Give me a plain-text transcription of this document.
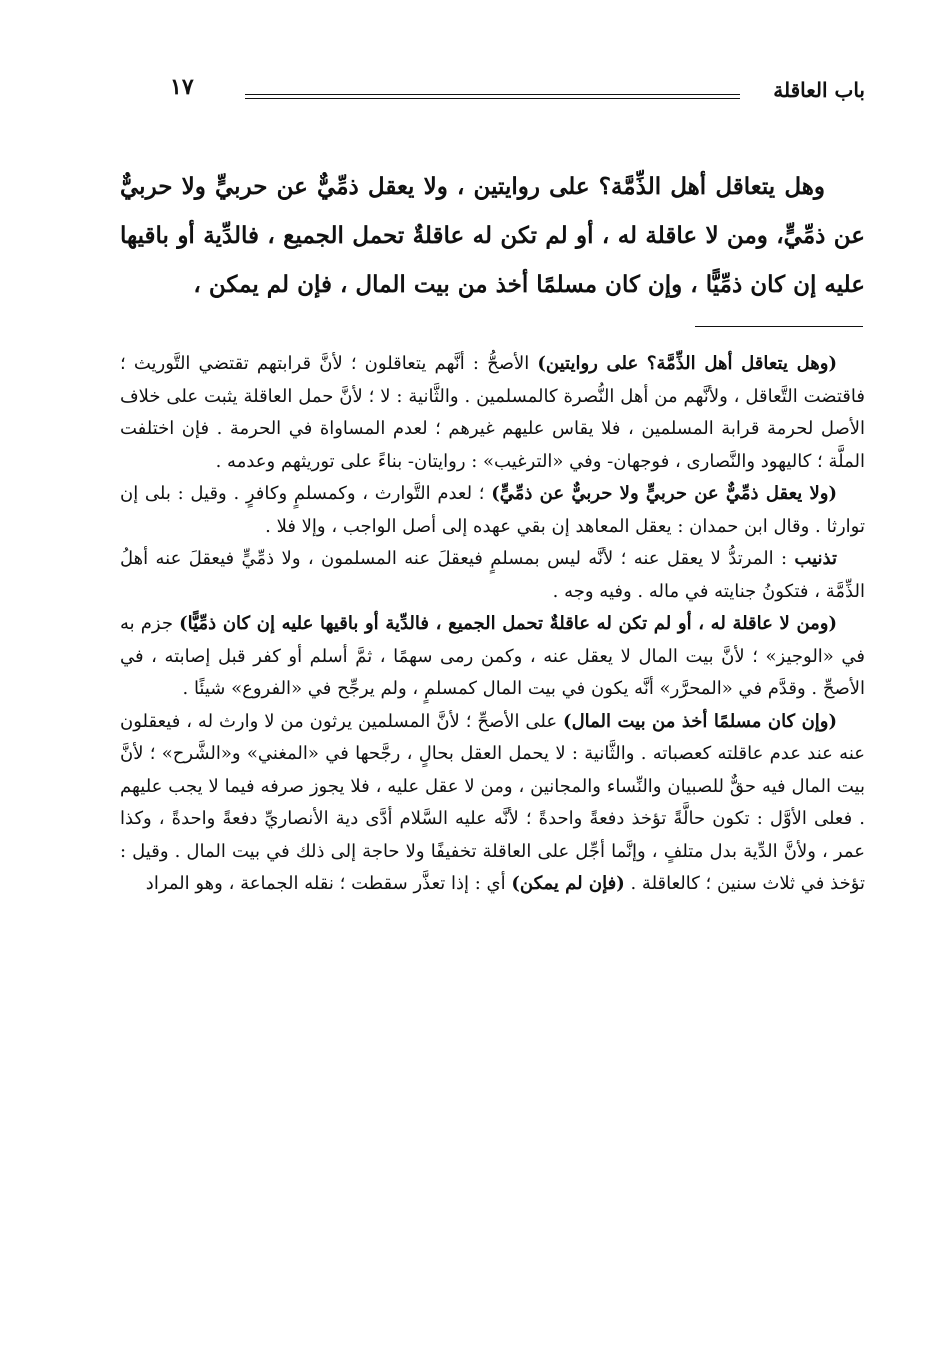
باب العاقلة
١٧

وهل يتعاقل أهل الذِّمَّة؟ على روايتين ، ولا يعقل ذمِّيٌّ عن حربيٍّ ولا حربيٌّ عن ذمِّيٍّ، ومن لا عاقلة له ، أو لم تكن له عاقلةٌ تحمل الجميع ، فالدِّية أو باقيها عليه إن كان ذمِّيًّا ، وإن كان مسلمًا أخذ من بيت المال ، فإن لم يمكن ،

(وهل يتعاقل أهل الذِّمَّة؟ على روايتين) الأصحُّ : أنَّهم يتعاقلون ؛ لأنَّ قرابتهم تقتضي التَّوريث ؛ فاقتضت التَّعاقل ، ولأنَّهم من أهل النُّصرة كالمسلمين . والثَّانية : لا ؛ لأنَّ حمل العاقلة يثبت على خلاف الأصل لحرمة قرابة المسلمين ، فلا يقاس عليهم غيرهم ؛ لعدم المساواة في الحرمة . فإن اختلفت الملَّة ؛ كاليهود والنَّصارى ، فوجهان- وفي «الترغيب» : روايتان- بناءً على توريثهم وعدمه .

(ولا يعقل ذمِّيٌّ عن حربيٍّ ولا حربيٌّ عن ذمِّيٍّ) ؛ لعدم التَّوارث ، وكمسلمٍ وكافرٍ . وقيل : بلى إن توارثا . وقال ابن حمدان : يعقل المعاهد إن بقي عهده إلى أصل الواجب ، وإلا فلا .

تذنيب : المرتدُّ لا يعقل عنه ؛ لأنَّه ليس بمسلمٍ فيعقلَ عنه المسلمون ، ولا ذمِّيٍّ فيعقلَ عنه أهلُ الذِّمَّة ، فتكونُ جنايته في ماله . وفيه وجه .

(ومن لا عاقلة له ، أو لم تكن له عاقلةٌ تحمل الجميع ، فالدِّية أو باقيها عليه إن كان ذمِّيًّا) جزم به في «الوجيز» ؛ لأنَّ بيت المال لا يعقل عنه ، وكمن رمى سهمًا ، ثمَّ أسلم أو كفر قبل إصابته ، في الأصحِّ . وقدَّم في «المحرَّر» أنَّه يكون في بيت المال كمسلمٍ ، ولم يرجِّح في «الفروع» شيئًا .

(وإن كان مسلمًا أخذ من بيت المال) على الأصحِّ ؛ لأنَّ المسلمين يرثون من لا وارث له ، فيعقلون عنه عند عدم عاقلته كعصباته . والثَّانية : لا يحمل العقل بحالٍ ، رجَّحها في «المغني» و«الشَّرح» ؛ لأنَّ بيت المال فيه حقٌّ للصبيان والنِّساء والمجانين ، ومن لا عقل عليه ، فلا يجوز صرفه فيما لا يجب عليهم . فعلى الأوَّل : تكون حالَّةً تؤخذ دفعةً واحدةً ؛ لأنَّه عليه السَّلام أدَّى دية الأنصاريِّ دفعةً واحدةً ، وكذا عمر ، ولأنَّ الدِّية بدل متلفٍ ، وإنَّما أجِّل على العاقلة تخفيفًا ولا حاجة إلى ذلك في بيت المال . وقيل : تؤخذ في ثلاث سنين ؛ كالعاقلة . (فإن لم يمكن) أي : إذا تعذَّر سقطت ؛ نقله الجماعة ، وهو المراد
